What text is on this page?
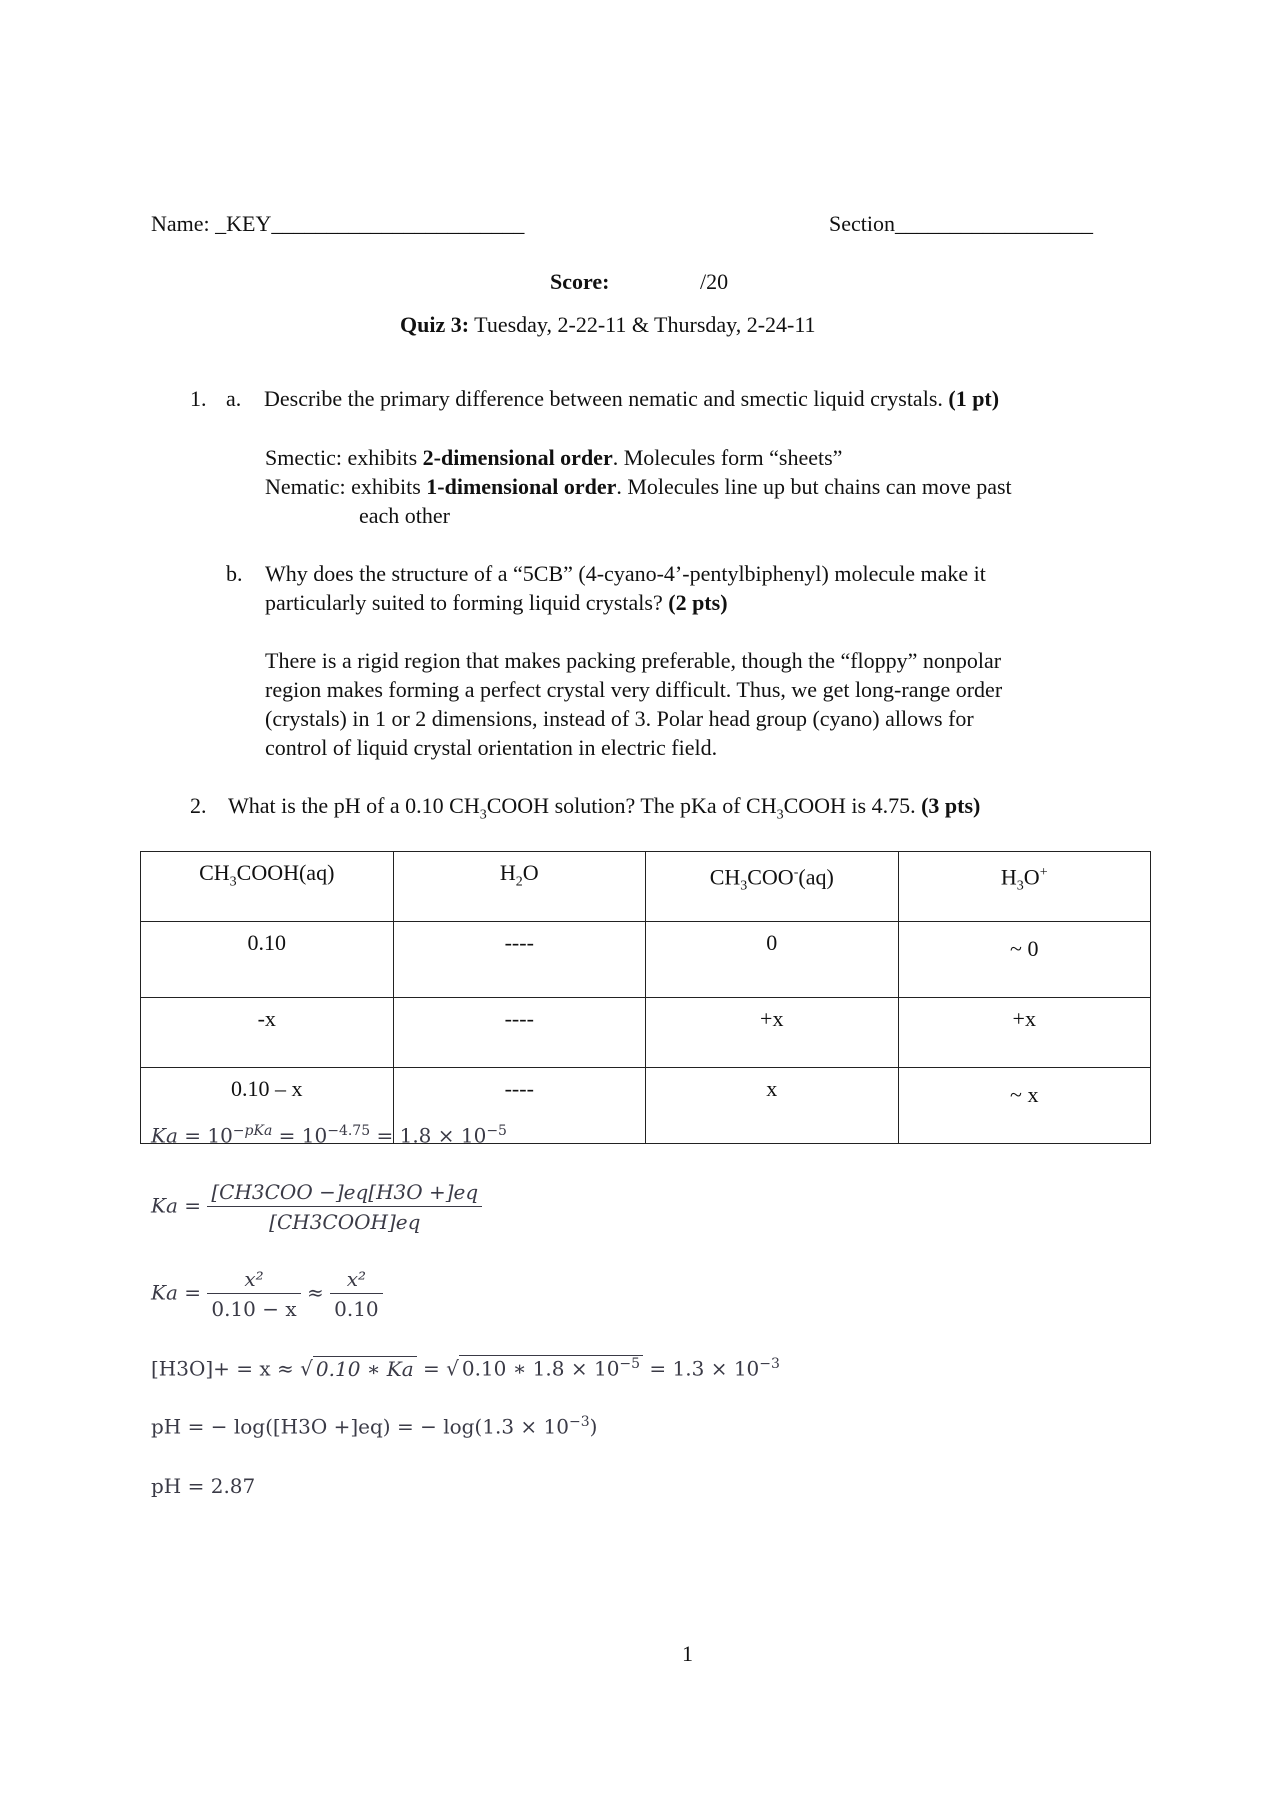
Name: _KEY_______________________	Section__________________
Score:	/20
Quiz 3: Tuesday, 2-22-11 & Thursday, 2-24-11
1. a. Describe the primary difference between nematic and smectic liquid crystals. (1 pt)
Smectic: exhibits 2-dimensional order. Molecules form “sheets”
Nematic: exhibits 1-dimensional order. Molecules line up but chains can move past
each other
b. Why does the structure of a “5CB” (4-cyano-4’-pentylbiphenyl) molecule make it
particularly suited to forming liquid crystals? (2 pts)
There is a rigid region that makes packing preferable, though the “floppy” nonpolar
region makes forming a perfect crystal very difficult. Thus, we get long-range order
(crystals) in 1 or 2 dimensions, instead of 3. Polar head group (cyano) allows for
control of liquid crystal orientation in electric field.
2. What is the pH of a 0.10 $CH_3COOH$ solution? The pKa of $CH_3COOH$ is 4.75. (3 pts)
$CH_3COOH(aq)$	$H_2O$	$CH_3COO^-(aq)$	$H_3O^+$
0.10	----	0	~ 0
-x	----	+x	+x
0.10 – x	----	x	~ x
$Ka = 10^{-pKa} = 10^{-4.75} = 1.8 \times 10^{-5}$
$Ka = \frac{\text{[CH3COO −]eq[H3O +]eq}}{\text{[CH3COOH]eq}}$
$Ka = \frac{\text{x²}}{0.10 - x} \approx \frac{\text{x²}}{0.10}$
[H3O]+ = x ≈ √ 0.10 ∗ Ka = √ 0.10 ∗ $1.8 \times 10^{-5} = 1.3 \times 10^{-3}$
pH = − log([H3O +]eq) = − $\log(1.3 \times 10^{-3})$
pH = 2.87
1
